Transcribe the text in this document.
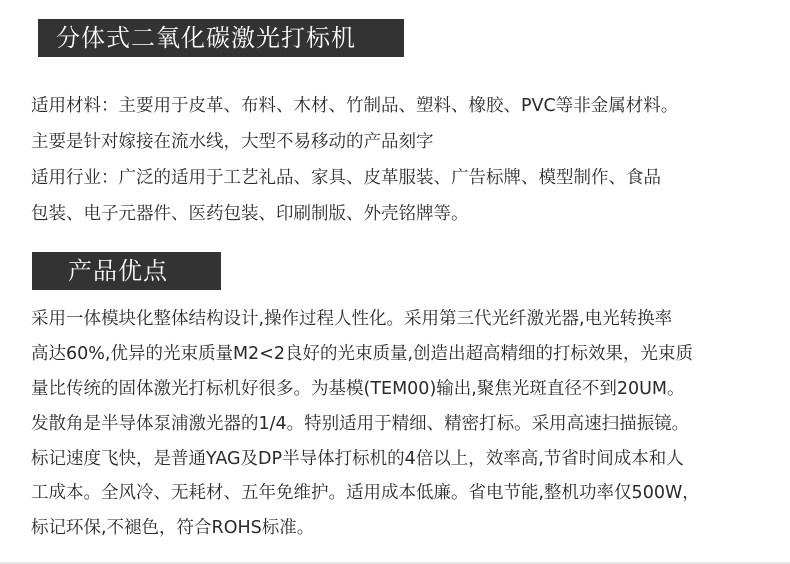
分体式二氧化碳激光打标机
适用材料：主要用于皮革、布料、木材、竹制品、塑料、橡胶、PVC等非金属材料。
主要是针对嫁接在流水线，大型不易移动的产品刻字
适用行业：广泛的适用于工艺礼品、家具、皮革服装、广告标牌、模型制作、食品
包装、电子元器件、医药包装、印刷制版、外壳铭牌等。
产品优点
采用一体模块化整体结构设计,操作过程人性化。采用第三代光纤激光器,电光转换率
高达60%,优异的光束质量M2<2良好的光束质量,创造出超高精细的打标效果，光束质
量比传统的固体激光打标机好很多。为基模(TEM00)输出,聚焦光斑直径不到20UM。
发散角是半导体泵浦激光器的1/4。特别适用于精细、精密打标。采用高速扫描振镜。
标记速度飞快，是普通YAG及DP半导体打标机的4倍以上，效率高,节省时间成本和人
工成本。全风冷、无耗材、五年免维护。适用成本低廉。省电节能,整机功率仅500W，
标记环保,不褪色，符合ROHS标准。
